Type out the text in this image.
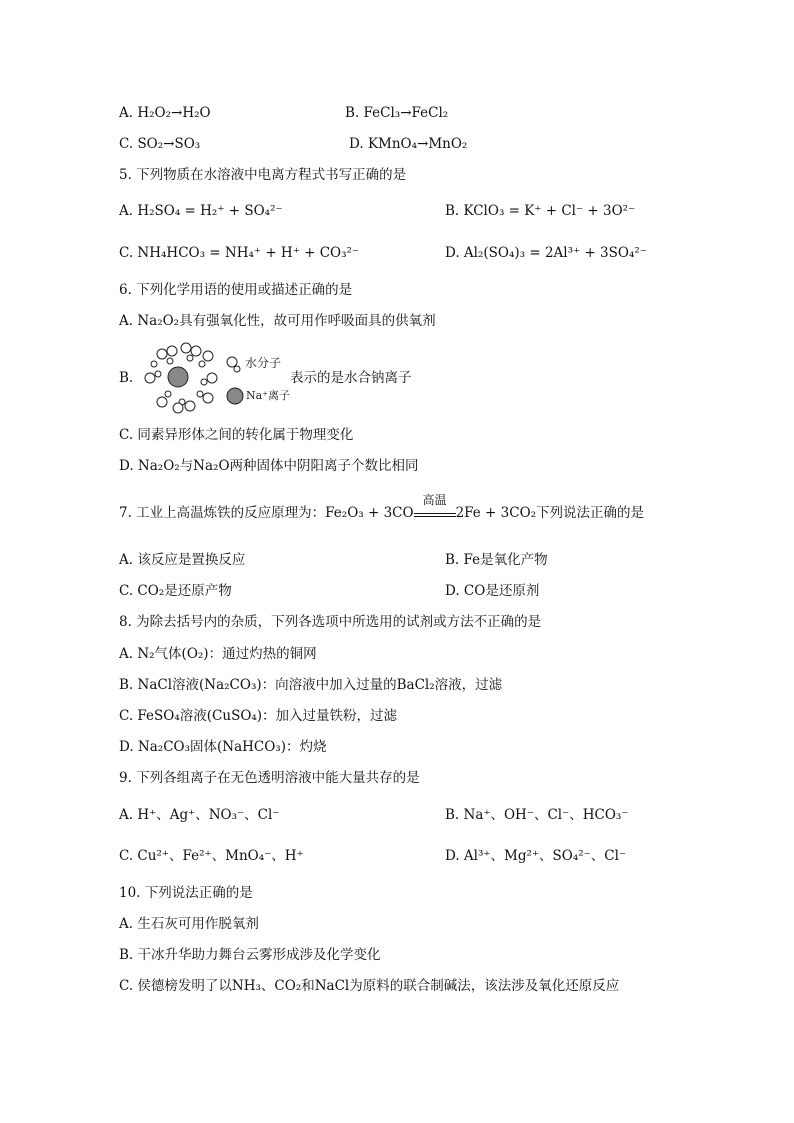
A. H₂O₂→H₂O	B. FeCl₃→FeCl₂
C. SO₂→SO₃	D. KMnO₄→MnO₂
5. 下列物质在水溶液中电离方程式书写正确的是
A. H₂SO₄ = H₂⁺ + SO₄²⁻	B. KClO₃ = K⁺ + Cl⁻ + 3O²⁻
C. NH₄HCO₃ = NH₄⁺ + H⁺ + CO₃²⁻	D. Al₂(SO₄)₃ = 2Al³⁺ + 3SO₄²⁻
6. 下列化学用语的使用或描述正确的是
A. Na₂O₂具有强氧化性，故可用作呼吸面具的供氧剂
B.
水分子
Na⁺离子
表示的是水合钠离子
C. 同素异形体之间的转化属于物理变化
D. Na₂O₂与Na₂O两种固体中阴阳离子个数比相同
7. 工业上高温炼铁的反应原理为：Fe₂O₃ + 3CO
高温
2Fe + 3CO₂下列说法正确的是
A. 该反应是置换反应	B. Fe是氧化产物
C. CO₂是还原产物	D. CO是还原剂
8. 为除去括号内的杂质，下列各选项中所选用的试剂或方法不正确的是
A. N₂气体(O₂)：通过灼热的铜网
B. NaCl溶液(Na₂CO₃)：向溶液中加入过量的BaCl₂溶液，过滤
C. FeSO₄溶液(CuSO₄)：加入过量铁粉，过滤
D. Na₂CO₃固体(NaHCO₃)：灼烧
9. 下列各组离子在无色透明溶液中能大量共存的是
A. H⁺、Ag⁺、NO₃⁻、Cl⁻	B. Na⁺、OH⁻、Cl⁻、HCO₃⁻
C. Cu²⁺、Fe²⁺、MnO₄⁻、H⁺	D. Al³⁺、Mg²⁺、SO₄²⁻、Cl⁻
10. 下列说法正确的是
A. 生石灰可用作脱氧剂
B. 干冰升华助力舞台云雾形成涉及化学变化
C. 侯德榜发明了以NH₃、CO₂和NaCl为原料的联合制碱法，该法涉及氧化还原反应
